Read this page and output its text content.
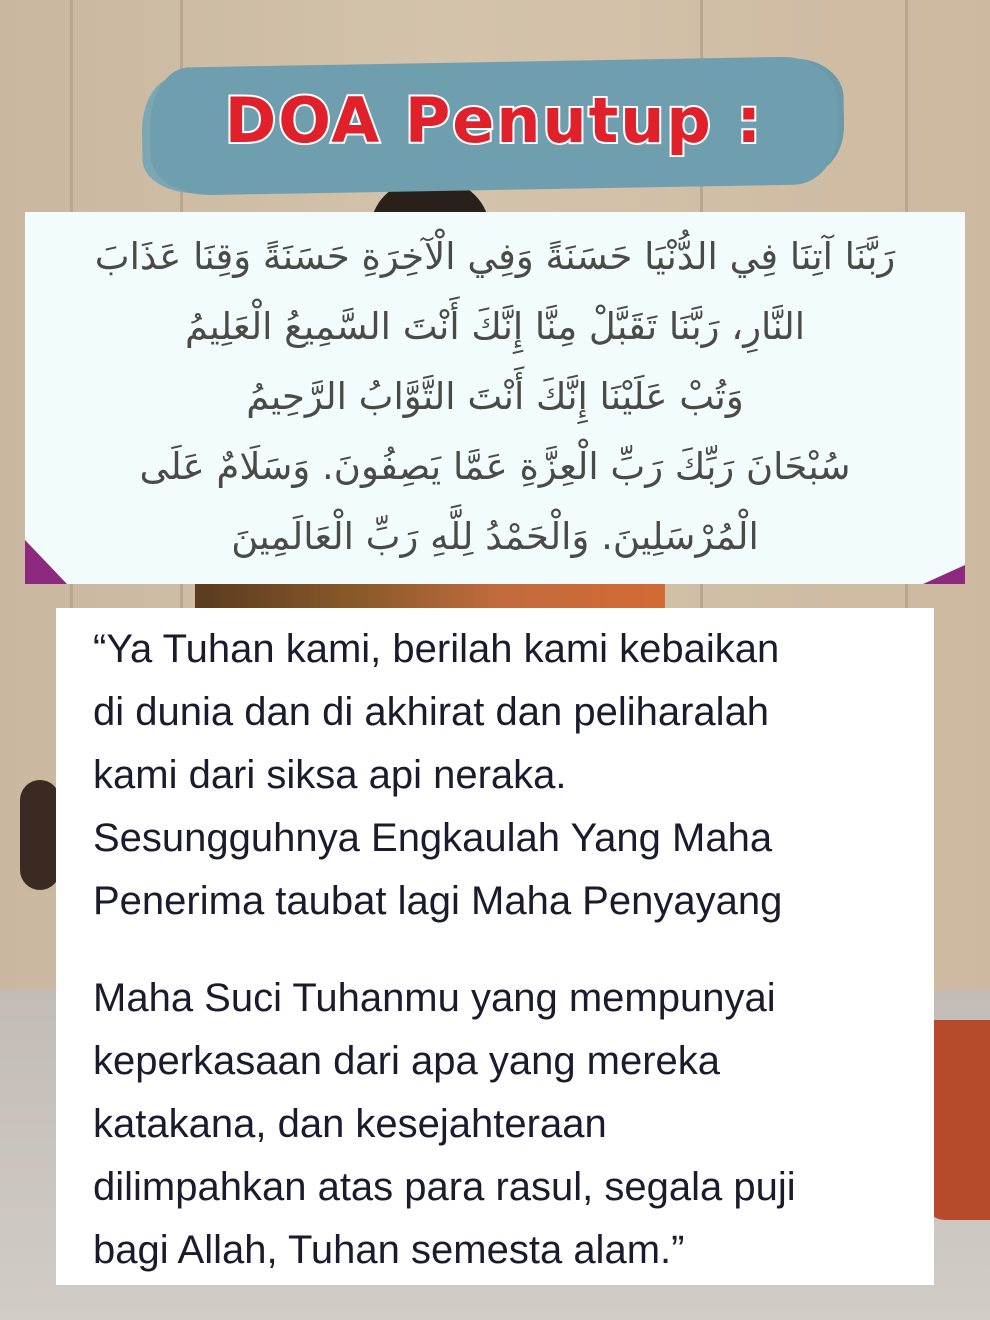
DOA Penutup :

رَبَّنَا آتِنَا فِي الدُّنْيَا حَسَنَةً وَفِي الْآخِرَةِ حَسَنَةً وَقِنَا عَذَابَ
النَّارِ، رَبَّنَا تَقَبَّلْ مِنَّا إِنَّكَ أَنْتَ السَّمِيعُ الْعَلِيمُ
وَتُبْ عَلَيْنَا إِنَّكَ أَنْتَ التَّوَّابُ الرَّحِيمُ
سُبْحَانَ رَبِّكَ رَبِّ الْعِزَّةِ عَمَّا يَصِفُونَ. وَسَلَامٌ عَلَى
الْمُرْسَلِينَ. وَالْحَمْدُ لِلَّهِ رَبِّ الْعَالَمِينَ

“Ya Tuhan kami, berilah kami kebaikan
di dunia dan di akhirat dan peliharalah
kami dari siksa api neraka.
Sesungguhnya Engkaulah Yang Maha
Penerima taubat lagi Maha Penyayang
Maha Suci Tuhanmu yang mempunyai
keperkasaan dari apa yang mereka
katakana, dan kesejahteraan
dilimpahkan atas para rasul, segala puji
bagi Allah, Tuhan semesta alam.”
